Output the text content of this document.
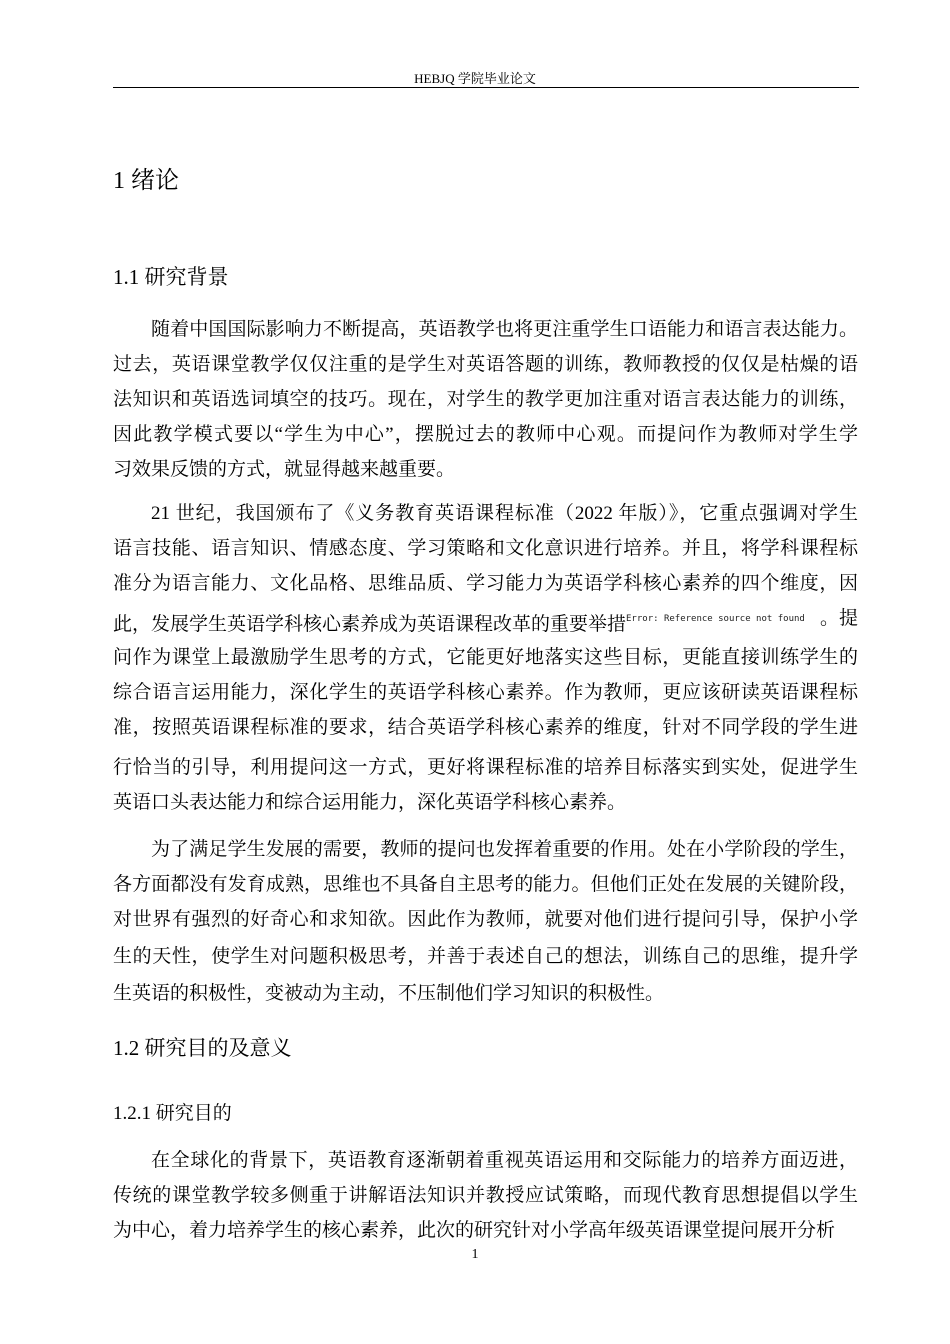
HEBJQ 学院毕业论文
1 绪论
1.1 研究背景
1.2 研究目的及意义
1.2.1 研究目的
随着中国国际影响力不断提高，英语教学也将更注重学生口语能力和语言表达能力。
过去，英语课堂教学仅仅注重的是学生对英语答题的训练，教师教授的仅仅是枯燥的语
法知识和英语选词填空的技巧。现在，对学生的教学更加注重对语言表达能力的训练，
因此教学模式要以“学生为中心”，摆脱过去的教师中心观。而提问作为教师对学生学
习效果反馈的方式，就显得越来越重要。
21 世纪，我国颁布了《义务教育英语课程标准（2022 年版）》，它重点强调对学生
语言技能、语言知识、情感态度、学习策略和文化意识进行培养。并且，将学科课程标
准分为语言能力、文化品格、思维品质、学习能力为英语学科核心素养的四个维度，因
此，发展学生英语学科核心素养成为英语课程改革的重要举措$^{Error: Reference source not found}$ 。提
问作为课堂上最激励学生思考的方式，它能更好地落实这些目标，更能直接训练学生的
综合语言运用能力，深化学生的英语学科核心素养。作为教师，更应该研读英语课程标
准，按照英语课程标准的要求，结合英语学科核心素养的维度，针对不同学段的学生进
行恰当的引导，利用提问这一方式，更好将课程标准的培养目标落实到实处，促进学生
英语口头表达能力和综合运用能力，深化英语学科核心素养。
为了满足学生发展的需要，教师的提问也发挥着重要的作用。处在小学阶段的学生，
各方面都没有发育成熟，思维也不具备自主思考的能力。但他们正处在发展的关键阶段，
对世界有强烈的好奇心和求知欲。因此作为教师，就要对他们进行提问引导，保护小学
生的天性，使学生对问题积极思考，并善于表述自己的想法，训练自己的思维，提升学
生英语的积极性，变被动为主动，不压制他们学习知识的积极性。
在全球化的背景下，英语教育逐渐朝着重视英语运用和交际能力的培养方面迈进，
传统的课堂教学较多侧重于讲解语法知识并教授应试策略，而现代教育思想提倡以学生
为中心，着力培养学生的核心素养，此次的研究针对小学高年级英语课堂提问展开分析
1
